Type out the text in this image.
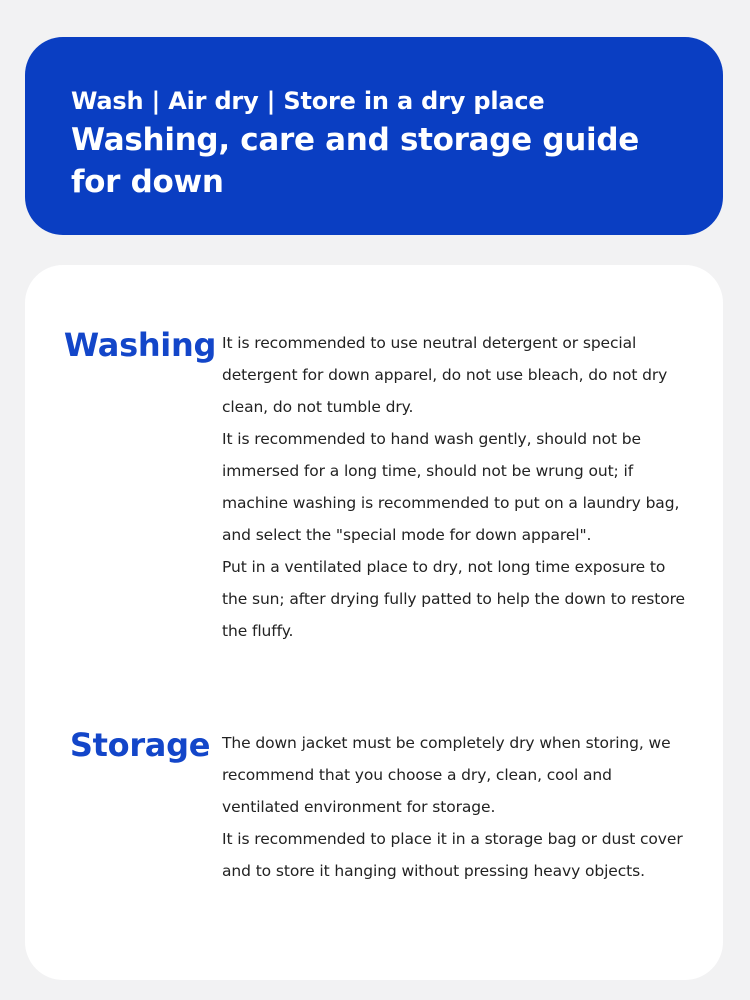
Wash | Air dry | Store in a dry place
Washing, care and storage guide for down
Washing It is recommended to use neutral detergent or special detergent for down apparel, do not use bleach, do not dry clean, do not tumble dry.

It is recommended to hand wash gently, should not be immersed for a long time, should not be wrung out; if machine washing is recommended to put on a laundry bag, and select the "special mode for down apparel".

Put in a ventilated place to dry, not long time exposure to the sun; after drying fully patted to help the down to restore the fluffy.

Storage The down jacket must be completely dry when storing, we recommend that you choose a dry, clean, cool and ventilated environment for storage.

It is recommended to place it in a storage bag or dust cover and to store it hanging without pressing heavy objects.
